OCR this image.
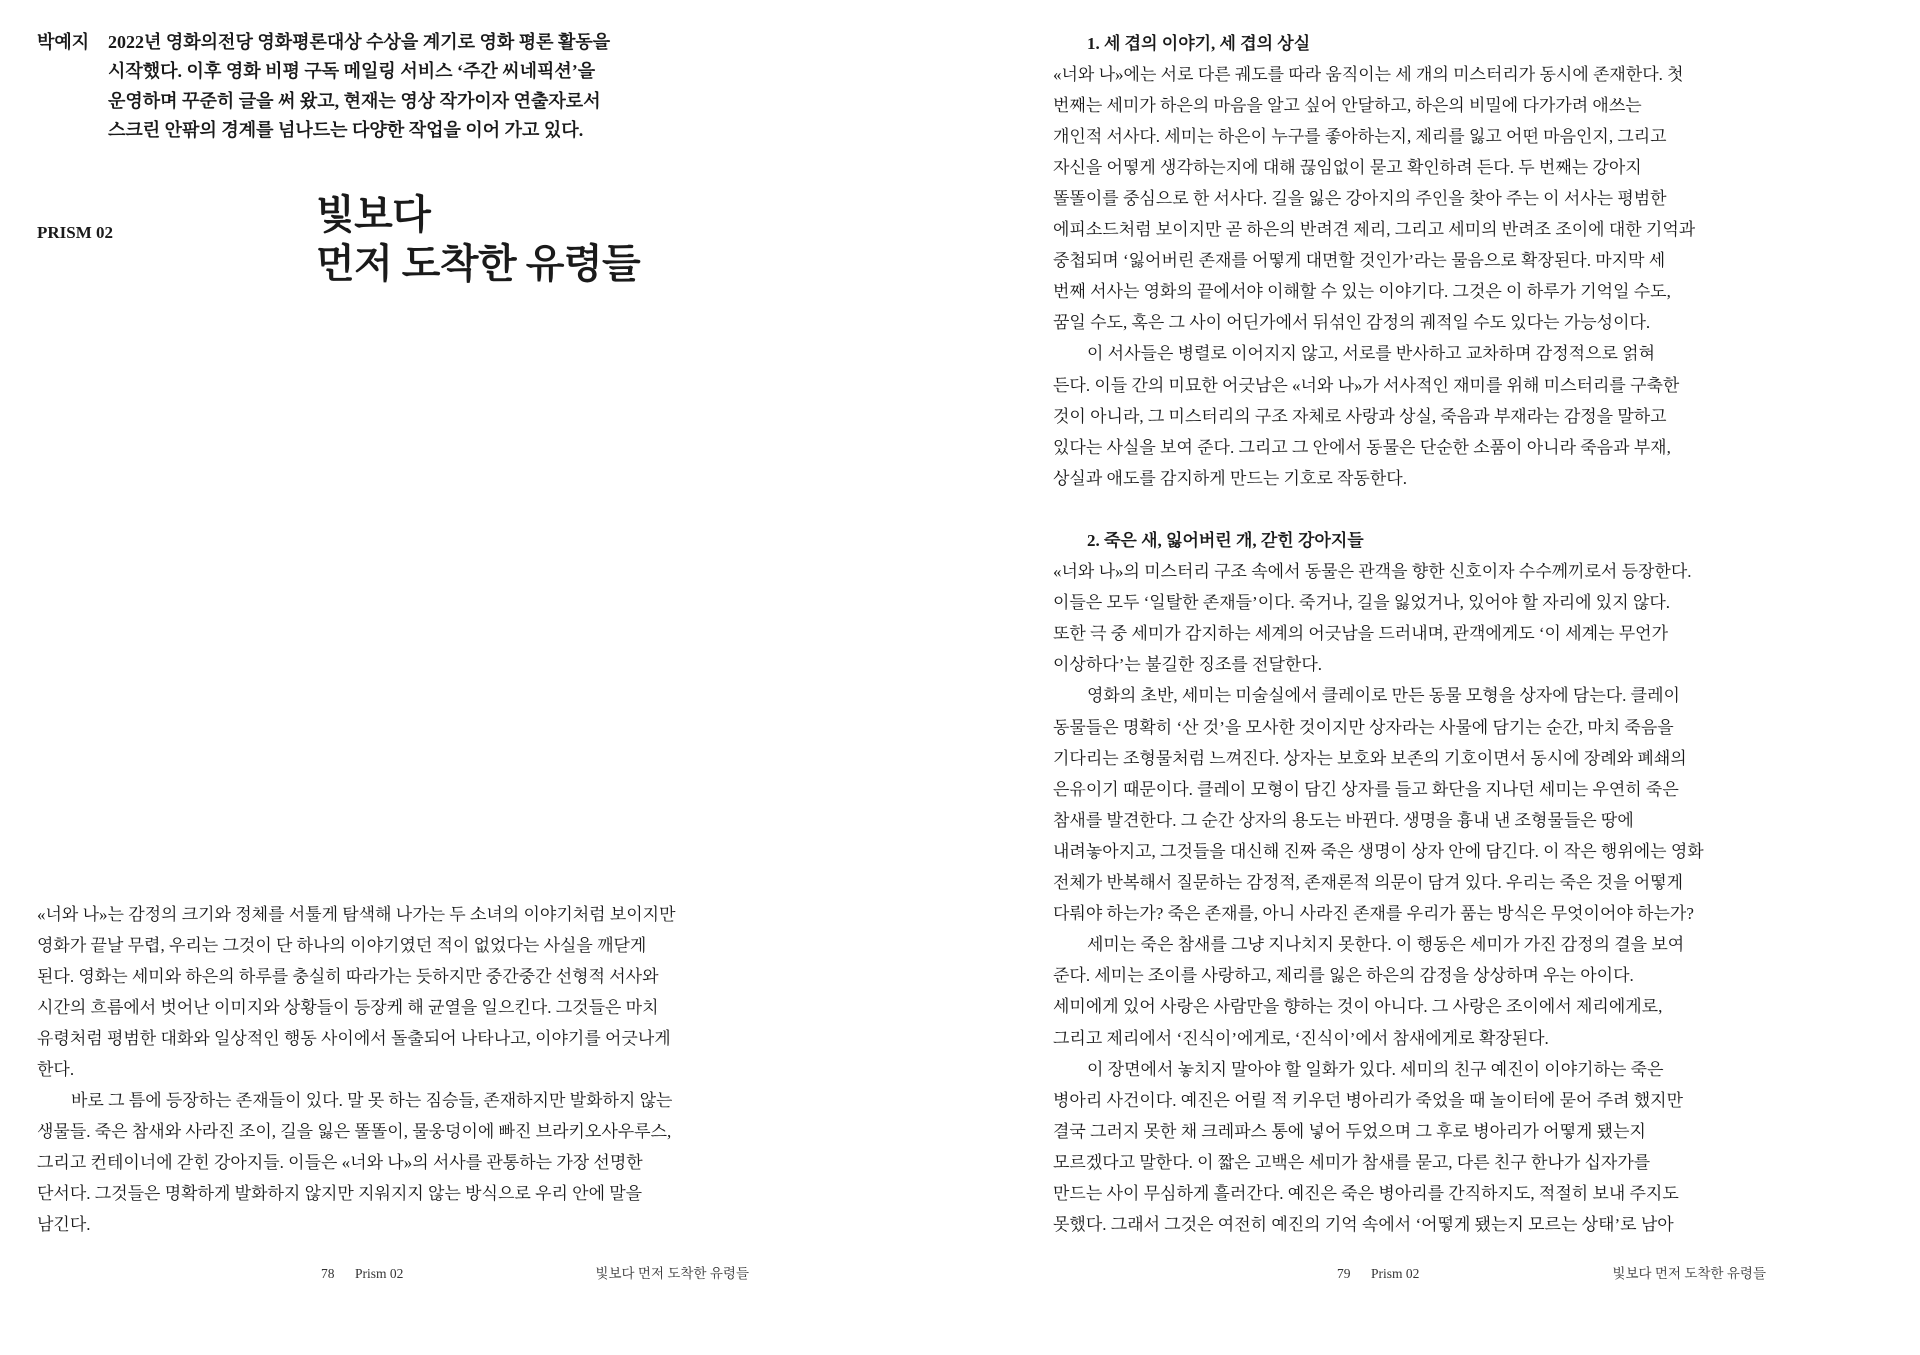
박예지 2022년 영화의전당 영화평론대상 수상을 계기로 영화 평론 활동을
시작했다. 이후 영화 비평 구독 메일링 서비스 ‘주간 씨네픽션’을
운영하며 꾸준히 글을 써 왔고, 현재는 영상 작가이자 연출자로서
스크린 안팎의 경계를 넘나드는 다양한 작업을 이어 가고 있다.
PRISM 02	빛보다
먼저 도착한 유령들
«너와 나»는 감정의 크기와 정체를 서툴게 탐색해 나가는 두 소녀의 이야기처럼 보이지만
영화가 끝날 무렵, 우리는 그것이 단 하나의 이야기였던 적이 없었다는 사실을 깨닫게
된다. 영화는 세미와 하은의 하루를 충실히 따라가는 듯하지만 중간중간 선형적 서사와
시간의 흐름에서 벗어난 이미지와 상황들이 등장케 해 균열을 일으킨다. 그것들은 마치
유령처럼 평범한 대화와 일상적인 행동 사이에서 돌출되어 나타나고, 이야기를 어긋나게
한다.
바로 그 틈에 등장하는 존재들이 있다. 말 못 하는 짐승들, 존재하지만 발화하지 않는
생물들. 죽은 참새와 사라진 조이, 길을 잃은 똘똘이, 물웅덩이에 빠진 브라키오사우루스,
그리고 컨테이너에 갇힌 강아지들. 이들은 «너와 나»의 서사를 관통하는 가장 선명한
단서다. 그것들은 명확하게 발화하지 않지만 지워지지 않는 방식으로 우리 안에 말을
남긴다.
78 Prism 02	빛보다 먼저 도착한 유령들
1. 세 겹의 이야기, 세 겹의 상실
«너와 나»에는 서로 다른 궤도를 따라 움직이는 세 개의 미스터리가 동시에 존재한다. 첫
번째는 세미가 하은의 마음을 알고 싶어 안달하고, 하은의 비밀에 다가가려 애쓰는
개인적 서사다. 세미는 하은이 누구를 좋아하는지, 제리를 잃고 어떤 마음인지, 그리고
자신을 어떻게 생각하는지에 대해 끊임없이 묻고 확인하려 든다. 두 번째는 강아지
똘똘이를 중심으로 한 서사다. 길을 잃은 강아지의 주인을 찾아 주는 이 서사는 평범한
에피소드처럼 보이지만 곧 하은의 반려견 제리, 그리고 세미의 반려조 조이에 대한 기억과
중첩되며 ‘잃어버린 존재를 어떻게 대면할 것인가’라는 물음으로 확장된다. 마지막 세
번째 서사는 영화의 끝에서야 이해할 수 있는 이야기다. 그것은 이 하루가 기억일 수도,
꿈일 수도, 혹은 그 사이 어딘가에서 뒤섞인 감정의 궤적일 수도 있다는 가능성이다.
이 서사들은 병렬로 이어지지 않고, 서로를 반사하고 교차하며 감정적으로 얽혀
든다. 이들 간의 미묘한 어긋남은 «너와 나»가 서사적인 재미를 위해 미스터리를 구축한
것이 아니라, 그 미스터리의 구조 자체로 사랑과 상실, 죽음과 부재라는 감정을 말하고
있다는 사실을 보여 준다. 그리고 그 안에서 동물은 단순한 소품이 아니라 죽음과 부재,
상실과 애도를 감지하게 만드는 기호로 작동한다.
2. 죽은 새, 잃어버린 개, 갇힌 강아지들
«너와 나»의 미스터리 구조 속에서 동물은 관객을 향한 신호이자 수수께끼로서 등장한다.
이들은 모두 ‘일탈한 존재들’이다. 죽거나, 길을 잃었거나, 있어야 할 자리에 있지 않다.
또한 극 중 세미가 감지하는 세계의 어긋남을 드러내며, 관객에게도 ‘이 세계는 무언가
이상하다’는 불길한 징조를 전달한다.
영화의 초반, 세미는 미술실에서 클레이로 만든 동물 모형을 상자에 담는다. 클레이
동물들은 명확히 ‘산 것’을 모사한 것이지만 상자라는 사물에 담기는 순간, 마치 죽음을
기다리는 조형물처럼 느껴진다. 상자는 보호와 보존의 기호이면서 동시에 장례와 폐쇄의
은유이기 때문이다. 클레이 모형이 담긴 상자를 들고 화단을 지나던 세미는 우연히 죽은
참새를 발견한다. 그 순간 상자의 용도는 바뀐다. 생명을 흉내 낸 조형물들은 땅에
내려놓아지고, 그것들을 대신해 진짜 죽은 생명이 상자 안에 담긴다. 이 작은 행위에는 영화
전체가 반복해서 질문하는 감정적, 존재론적 의문이 담겨 있다. 우리는 죽은 것을 어떻게
다뤄야 하는가? 죽은 존재를, 아니 사라진 존재를 우리가 품는 방식은 무엇이어야 하는가?
세미는 죽은 참새를 그냥 지나치지 못한다. 이 행동은 세미가 가진 감정의 결을 보여
준다. 세미는 조이를 사랑하고, 제리를 잃은 하은의 감정을 상상하며 우는 아이다.
세미에게 있어 사랑은 사람만을 향하는 것이 아니다. 그 사랑은 조이에서 제리에게로,
그리고 제리에서 ‘진식이’에게로, ‘진식이’에서 참새에게로 확장된다.
이 장면에서 놓치지 말아야 할 일화가 있다. 세미의 친구 예진이 이야기하는 죽은
병아리 사건이다. 예진은 어릴 적 키우던 병아리가 죽었을 때 놀이터에 묻어 주려 했지만
결국 그러지 못한 채 크레파스 통에 넣어 두었으며 그 후로 병아리가 어떻게 됐는지
모르겠다고 말한다. 이 짧은 고백은 세미가 참새를 묻고, 다른 친구 한나가 십자가를
만드는 사이 무심하게 흘러간다. 예진은 죽은 병아리를 간직하지도, 적절히 보내 주지도
못했다. 그래서 그것은 여전히 예진의 기억 속에서 ‘어떻게 됐는지 모르는 상태’로 남아
79 Prism 02	빛보다 먼저 도착한 유령들
